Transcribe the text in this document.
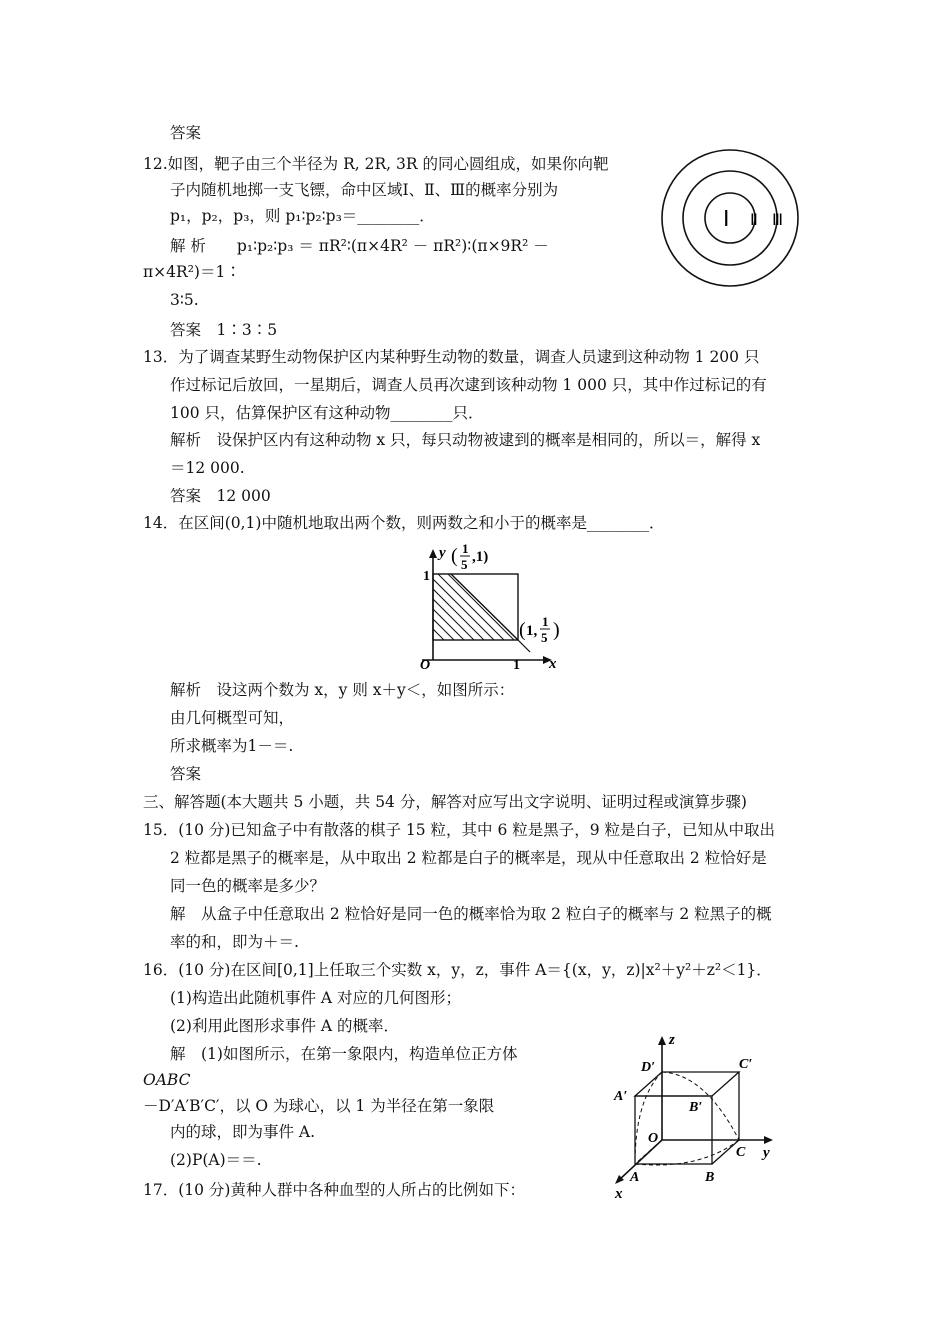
答案
12.如图，靶子由三个半径为 R, 2R, 3R 的同心圆组成，如果你向靶
子内随机地掷一支飞镖，命中区域Ⅰ、Ⅱ、Ⅲ的概率分别为
p₁，p₂，p₃，则 p₁∶p₂∶p₃＝________．
解 析　　p₁∶p₂∶p₃ ＝ πR²∶(π×4R² － πR²)∶(π×9R² －
π×4R²)＝1∶
3∶5.
答案　1∶3∶5
Ⅰ Ⅱ Ⅲ
13．为了调查某野生动物保护区内某种野生动物的数量，调查人员逮到这种动物 1 200 只
作过标记后放回，一星期后，调查人员再次逮到该种动物 1 000 只，其中作过标记的有
100 只，估算保护区有这种动物________只．
解析　设保护区内有这种动物 x 只，每只动物被逮到的概率是相同的，所以＝，解得 x
＝12 000.
答案　12 000
14．在区间(0,1)中随机地取出两个数，则两数之和小于的概率是________．
y
x
O
1
1
( 1
5 ,1)
( 1,
1
5 )
解析　设这两个数为 x，y 则 x＋y＜，如图所示：
由几何概型可知，
所求概率为1－＝.
答案
三、解答题(本大题共 5 小题，共 54 分，解答对应写出文字说明、证明过程或演算步骤)
15．(10 分)已知盒子中有散落的棋子 15 粒，其中 6 粒是黑子，9 粒是白子，已知从中取出
2 粒都是黑子的概率是，从中取出 2 粒都是白子的概率是，现从中任意取出 2 粒恰好是
同一色的概率是多少？
解　从盒子中任意取出 2 粒恰好是同一色的概率恰为取 2 粒白子的概率与 2 粒黑子的概
率的和，即为＋＝.
16．(10 分)在区间[0,1]上任取三个实数 x，y，z，事件 A＝{(x，y，z)|x²＋y²＋z²＜1}．
(1)构造出此随机事件 A 对应的几何图形；
(2)利用此图形求事件 A 的概率．
解　(1)如图所示，在第一象限内，构造单位正方体
OABC
－D′A′B′C′，以 O 为球心，以 1 为半径在第一象限
内的球，即为事件 A.
(2)P(A)＝＝.
z
y
x
O
A	B
C
D′
A′
B′
C′
17．(10 分)黄种人群中各种血型的人所占的比例如下：
